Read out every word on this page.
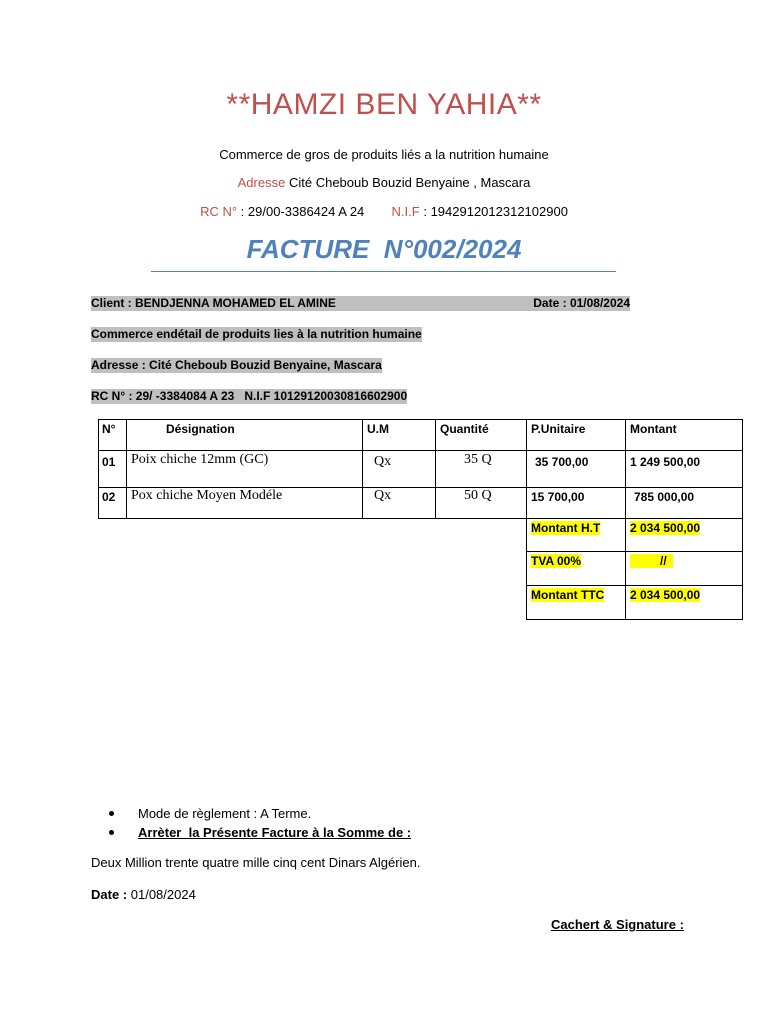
**HAMZI BEN YAHIA**
Commerce de gros de produits liés a la nutrition humaine
Adresse Cité Cheboub Bouzid Benyaine , Mascara
RC N° : 29/00-3386424 A 24 N.I.F : 1942912012312102900
FACTURE  N°002/2024
Client : BENDJENNA MOHAMED EL AMINE	Date : 01/08/2024
Commerce endétail de produits lies à la nutrition humaine
Adresse : Cité Cheboub Bouzid Benyaine, Mascara
RC N° : 29/ -3384084 A 23   N.I.F 10129120030816602900
N°	Désignation	U.M	Quantité	P.Unitaire	Montant

01	Poix chiche 12mm (GC)	Qx	35 Q	35 700,00	1 249 500,00

02	Pox chiche Moyen Modéle	Qx	50 Q	15 700,00	785 000,00

				Montant H.T	2 034 500,00

				TVA 00%	//

				Montant TTC	2 034 500,00
Mode de règlement : A Terme.
Arrèter  la Présente Facture à la Somme de :
Deux Million trente quatre mille cinq cent Dinars Algérien.
Date : 01/08/2024
Cachert & Signature :
